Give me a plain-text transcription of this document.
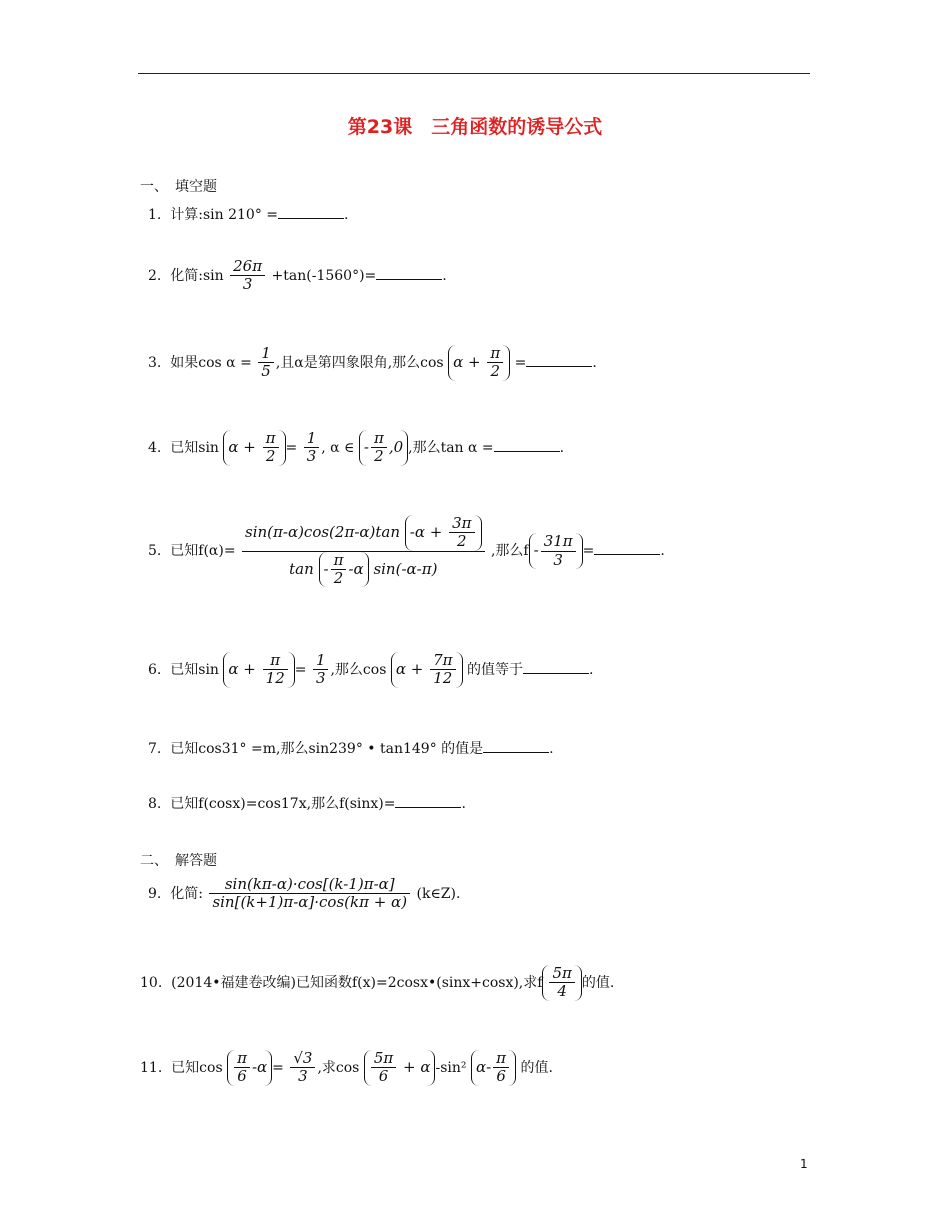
第23课　三角函数的诱导公式
一、　填空题
1. 计算:sin 210° =	.
2. 化简:sin $\frac{26\pi}{3} +\tan(-1560^\circ)=$	.
3. 如果$\cos \alpha = \frac{1}{5}$ ,且α是第四象限角,那么$\cos \alpha + \frac{\pi}{2}$ =	.
4. 已知$\sin \alpha + \frac{\pi}{2} = \frac{1}{3}$ , α ∈ - $\frac{\pi}{2} ,0$ ,那么tan α =	.
5. 已知$f(\alpha)= \frac{\sin(\pi-\alpha)\cos(2\pi-\alpha)\tan -\alpha + \frac{3\pi}{2}}{\tan - \frac{\pi}{2} -\alpha \sin(-\alpha-\pi)}$ ,那么f - $\frac{31\pi}{3}$ =	.
6. 已知$\sin \alpha + \frac{\pi}{12} = \frac{1}{3}$ ,那么$\cos \alpha + \frac{7\pi}{12}$ 的值等于	.
7. 已知cos31° =m,那么sin239° • tan149° 的值是	.
8. 已知f(cosx)=cos17x,那么f(sinx)=	.
二、　解答题
9. 化简: $\frac{\sin(k\pi-\alpha)\cdot\cos[(k-1)\pi-\alpha]}{\sin[(k+1)\pi-\alpha]\cdot\cos(k\pi + \alpha)}$ (k∈Z).
10. (2014•福建卷改编)已知函数f(x)=2cosx•(sinx+cosx),求f $\frac{5\pi}{4}$ 的值.
11. 已知$\cos \frac{\pi}{6} -\alpha = \frac{√3}{3}$ ,求$\cos \frac{5\pi}{6} + \alpha$ -sin² $\alpha- \frac{\pi}{6}$ 的值.
1
